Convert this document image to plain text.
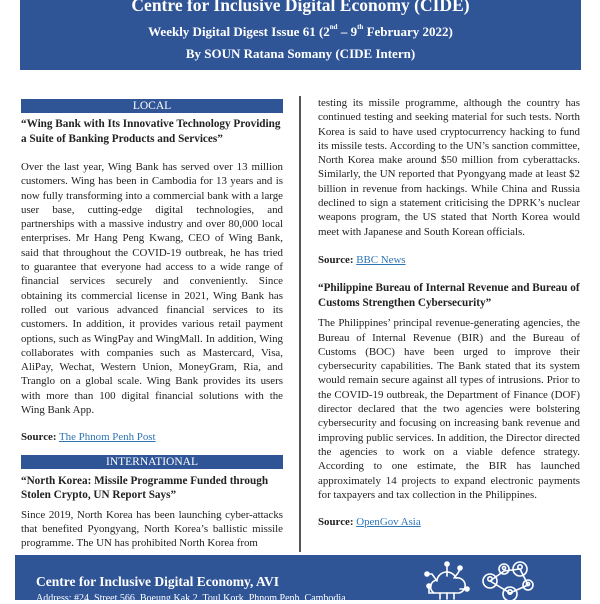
Centre for Inclusive Digital Economy (CIDE)
Weekly Digital Digest Issue 61 (2nd – 9th February 2022)
By SOUN Ratana Somany (CIDE Intern)
LOCAL
“Wing Bank with Its Innovative Technology Providing a Suite of Banking Products and Services”
Over the last year, Wing Bank has served over 13 million customers. Wing has been in Cambodia for 13 years and is now fully transforming into a commercial bank with a large user base, cutting-edge digital technologies, and partnerships with a massive industry and over 80,000 local enterprises. Mr Hang Peng Kwang, CEO of Wing Bank, said that throughout the COVID-19 outbreak, he has tried to guarantee that everyone had access to a wide range of financial services securely and conveniently. Since obtaining its commercial license in 2021, Wing Bank has rolled out various advanced financial services to its customers. In addition, it provides various retail payment options, such as WingPay and WingMall. In addition, Wing collaborates with companies such as Mastercard, Visa, AliPay, Wechat, Western Union, MoneyGram, Ria, and Tranglo on a global scale. Wing Bank provides its users with more than 100 digital financial solutions with the Wing Bank App.
Source: The Phnom Penh Post
INTERNATIONAL
“North Korea: Missile Programme Funded through Stolen Crypto, UN Report Says”
Since 2019, North Korea has been launching cyber-attacks that benefited Pyongyang, North Korea’s ballistic missile programme. The UN has prohibited North Korea from
testing its missile programme, although the country has continued testing and seeking material for such tests. North Korea is said to have used cryptocurrency hacking to fund its missile tests. According to the UN’s sanction committee, North Korea make around $50 million from cyberattacks. Similarly, the UN reported that Pyongyang made at least $2 billion in revenue from hackings. While China and Russia declined to sign a statement criticising the DPRK’s nuclear weapons program, the US stated that North Korea would meet with Japanese and South Korean officials.
Source: BBC News
“Philippine Bureau of Internal Revenue and Bureau of Customs Strengthen Cybersecurity”
The Philippines’ principal revenue-generating agencies, the Bureau of Internal Revenue (BIR) and the Bureau of Customs (BOC) have been urged to improve their cybersecurity capabilities. The Bank stated that its system would remain secure against all types of intrusions. Prior to the COVID-19 outbreak, the Department of Finance (DOF) director declared that the two agencies were bolstering cybersecurity and focusing on increasing bank revenue and improving public services. In addition, the Director directed the agencies to work on a viable defence strategy. According to one estimate, the BIR has launched approximately 14 projects to expand electronic payments for taxpayers and tax collection in the Philippines.
Source: OpenGov Asia
Centre for Inclusive Digital Economy, AVI
Address: #24, Street 566, Boeung Kak 2, Toul Kork, Phnom Penh, Cambodia
